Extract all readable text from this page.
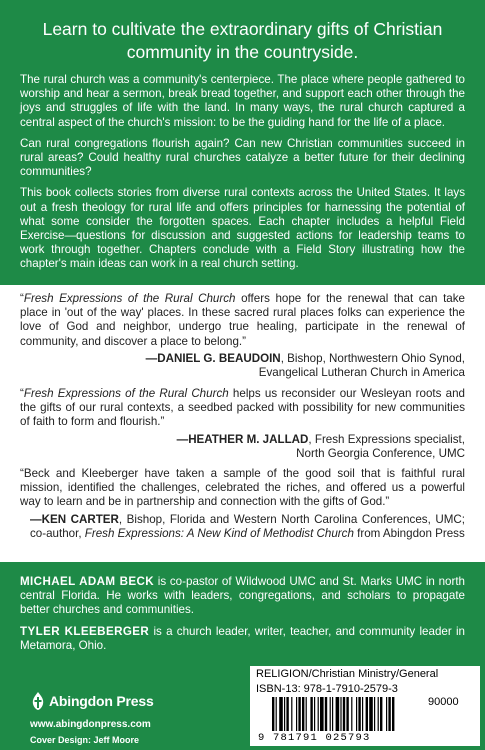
Learn to cultivate the extraordinary gifts of Christian community in the countryside.

The rural church was a community's centerpiece. The place where people gathered to worship and hear a sermon, break bread together, and support each other through the joys and struggles of life with the land. In many ways, the rural church captured a central aspect of the church's mission: to be the guiding hand for the life of a place.

Can rural congregations flourish again? Can new Christian communities succeed in rural areas? Could healthy rural churches catalyze a better future for their declining communities?

This book collects stories from diverse rural contexts across the United States. It lays out a fresh theology for rural life and offers principles for harnessing the potential of what some consider the forgotten spaces. Each chapter includes a helpful Field Exercise—questions for discussion and suggested actions for leadership teams to work through together. Chapters conclude with a Field Story illustrating how the chapter's main ideas can work in a real church setting.

“Fresh Expressions of the Rural Church offers hope for the renewal that can take place in 'out of the way' places. In these sacred rural places folks can experience the love of God and neighbor, undergo true healing, participate in the renewal of community, and discover a place to belong.”
—DANIEL G. BEAUDOIN, Bishop, Northwestern Ohio Synod,
Evangelical Lutheran Church in America
“Fresh Expressions of the Rural Church helps us reconsider our Wesleyan roots and the gifts of our rural contexts, a seedbed packed with possibility for new communities of faith to form and flourish.”
—HEATHER M. JALLAD, Fresh Expressions specialist,
North Georgia Conference, UMC
“Beck and Kleeberger have taken a sample of the good soil that is faithful rural mission, identified the challenges, celebrated the riches, and offered us a powerful way to learn and be in partnership and connection with the gifts of God.”
—KEN CARTER, Bishop, Florida and Western North Carolina Conferences, UMC; co-author, Fresh Expressions: A New Kind of Methodist Church from Abingdon Press

MICHAEL ADAM BECK is co-pastor of Wildwood UMC and St. Marks UMC in north central Florida. He works with leaders, congregations, and scholars to propagate better churches and communities.

TYLER KLEEBERGER is a church leader, writer, teacher, and community leader in Metamora, Ohio.

Abingdon Press
www.abingdonpress.com
Cover Design: Jeff Moore
RELIGION/Christian Ministry/General
ISBN-13: 978-1-7910-2579-3
90000
9 781791 025793
